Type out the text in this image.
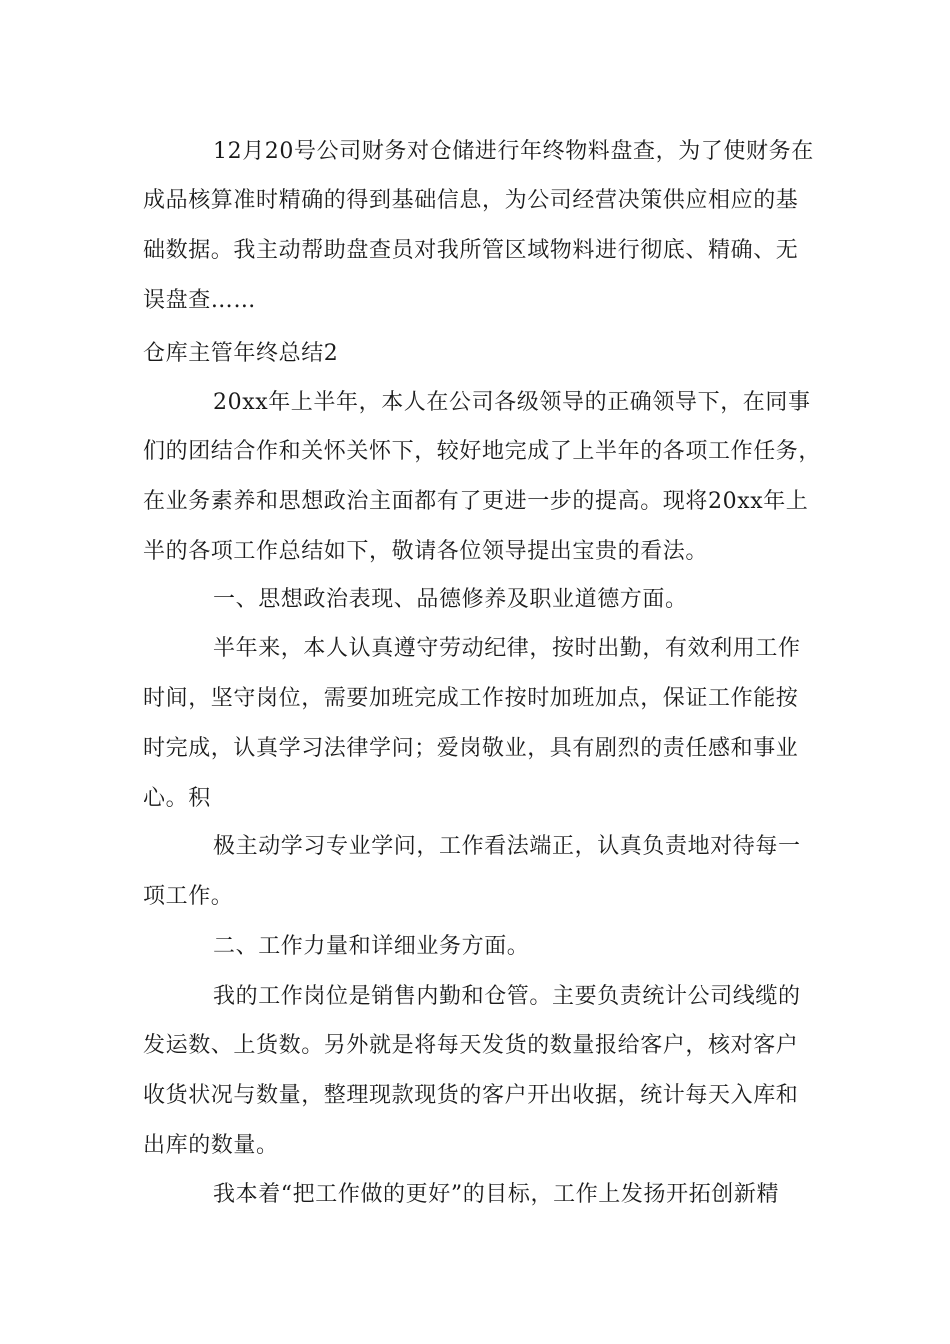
12月20号公司财务对仓储进行年终物料盘查，为了使财务在

成品核算准时精确的得到基础信息，为公司经营决策供应相应的基

础数据。我主动帮助盘查员对我所管区域物料进行彻底、精确、无

误盘查……

仓库主管年终总结2

20xx年上半年，本人在公司各级领导的正确领导下，在同事

们的团结合作和关怀关怀下，较好地完成了上半年的各项工作任务，

在业务素养和思想政治主面都有了更进一步的提高。现将20xx年上

半的各项工作总结如下，敬请各位领导提出宝贵的看法。

一、思想政治表现、品德修养及职业道德方面。

半年来，本人认真遵守劳动纪律，按时出勤，有效利用工作

时间，坚守岗位，需要加班完成工作按时加班加点，保证工作能按

时完成，认真学习法律学问；爱岗敬业，具有剧烈的责任感和事业

心。积

极主动学习专业学问，工作看法端正，认真负责地对待每一

项工作。

二、工作力量和详细业务方面。

我的工作岗位是销售内勤和仓管。主要负责统计公司线缆的

发运数、上货数。另外就是将每天发货的数量报给客户，核对客户

收货状况与数量，整理现款现货的客户开出收据，统计每天入库和

出库的数量。

我本着“把工作做的更好”的目标，工作上发扬开拓创新精
